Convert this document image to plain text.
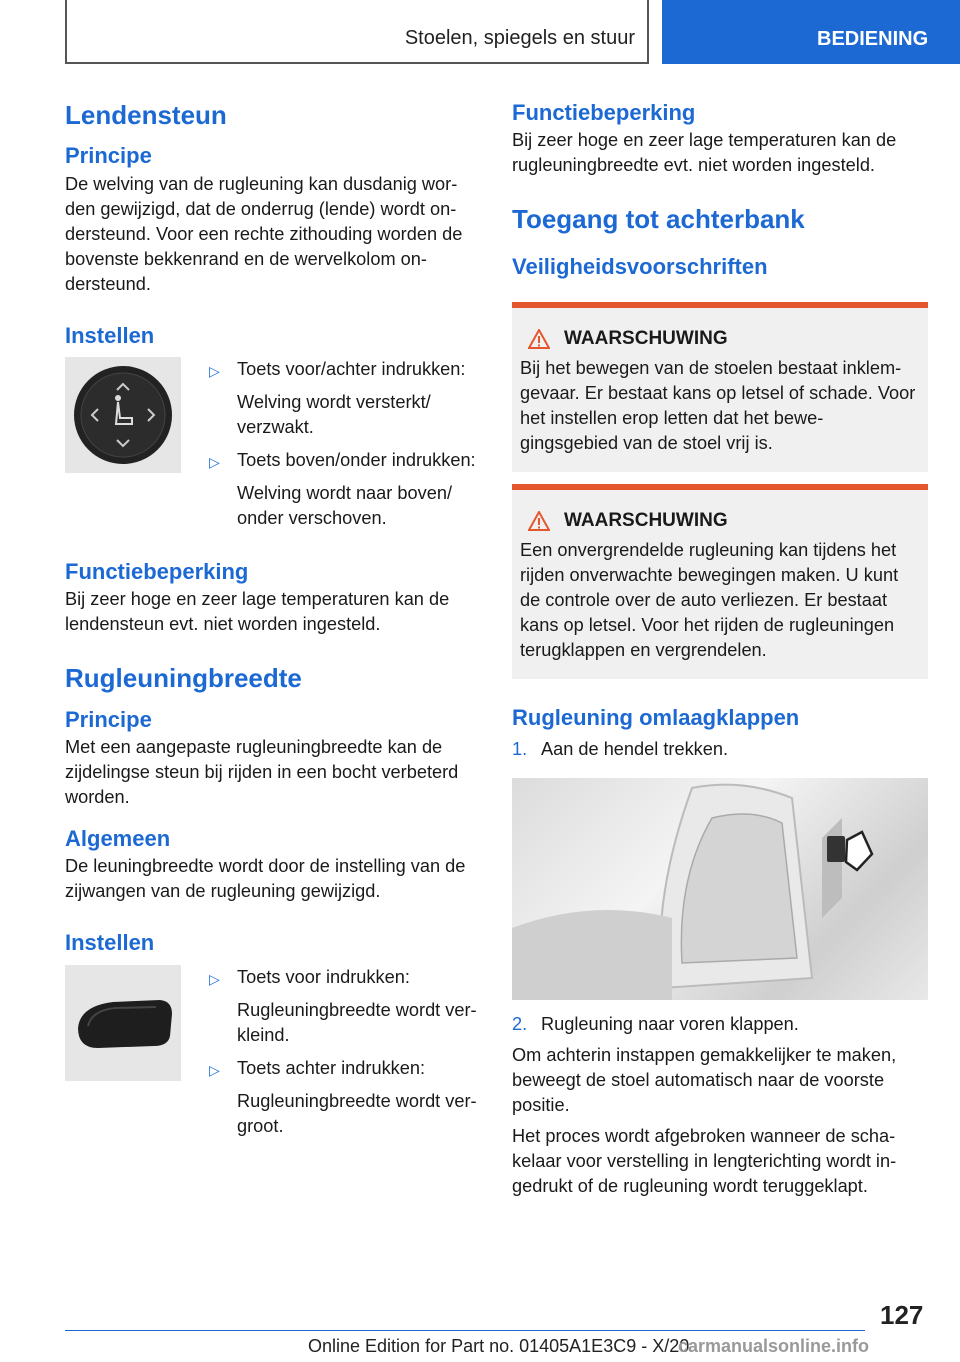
Stoelen, spiegels en stuur	BEDIENING
Lendensteun
Principe

De welving van de rugleuning kan dusdanig wor-den gewijzigd, dat de onderrug (lende) wordt on-dersteund. Voor een rechte zithouding worden de bovenste bekkenrand en de wervelkolom on-dersteund.

Instellen
▷ Toets voor/achter indrukken:
Welving wordt versterkt/ verzwakt.
▷ Toets boven/onder indrukken:
Welving wordt naar boven/ onder verschoven.
Functiebeperking

Bij zeer hoge en zeer lage temperaturen kan de lendensteun evt. niet worden ingesteld.

Rugleuningbreedte
Principe

Met een aangepaste rugleuningbreedte kan de zijdelingse steun bij rijden in een bocht verbeterd worden.

Algemeen

De leuningbreedte wordt door de instelling van de zijwangen van de rugleuning gewijzigd.

Instellen
▷ Toets voor indrukken:
Rugleuningbreedte wordt ver-kleind.
▷ Toets achter indrukken:
Rugleuningbreedte wordt ver-groot.
Functiebeperking

Bij zeer hoge en zeer lage temperaturen kan de rugleuningbreedte evt. niet worden ingesteld.

Toegang tot achterbank
Veiligheidsvoorschriften
WAARSCHUWING

Bij het bewegen van de stoelen bestaat inklem-gevaar. Er bestaat kans op letsel of schade. Voor het instellen erop letten dat het bewe-gingsgebied van de stoel vrij is.

WAARSCHUWING

Een onvergrendelde rugleuning kan tijdens het rijden onverwachte bewegingen maken. U kunt de controle over de auto verliezen. Er bestaat kans op letsel. Voor het rijden de rugleuningen terugklappen en vergrendelen.

Rugleuning omlaagklappen
1. Aan de hendel trekken.
2. Rugleuning naar voren klappen.

Om achterin instappen gemakkelijker te maken, beweegt de stoel automatisch naar de voorste positie.

Het proces wordt afgebroken wanneer de scha-kelaar voor verstelling in lengterichting wordt in-gedrukt of de rugleuning wordt teruggeklapt.

127
Online Edition for Part no. 01405A1E3C9 - X/20
carmanualsonline.info
